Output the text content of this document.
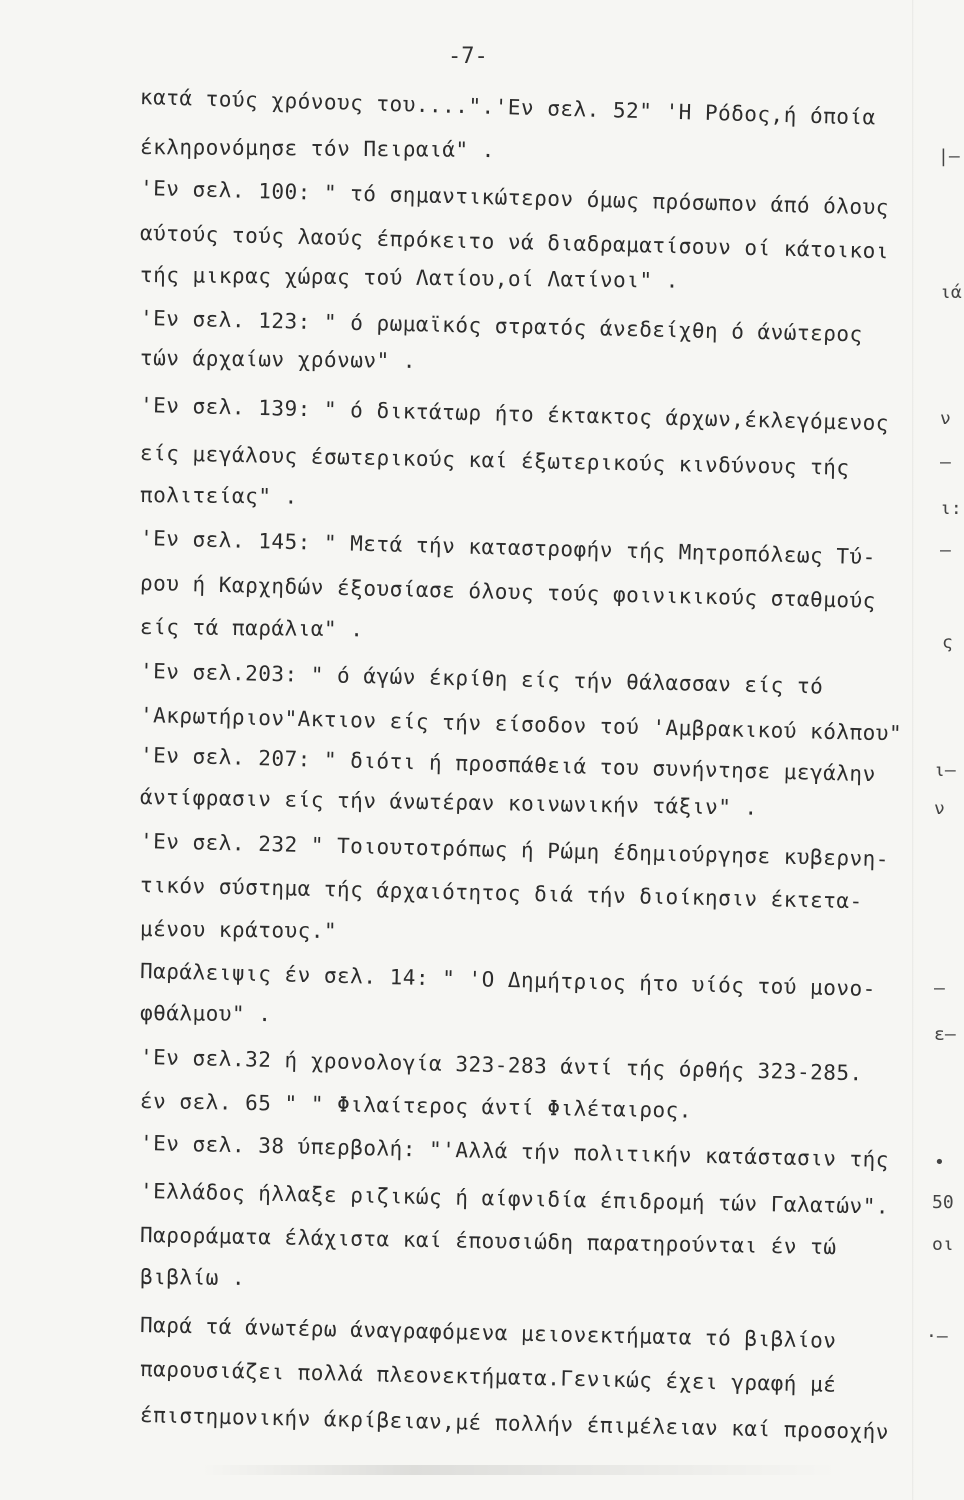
-7-
κατά τούς χρόνους του....".'Εν σελ. 52" 'Η Ρόδος,ή όποία
έκληρονόμησε τόν Πειραιά" .
'Εν σελ. 100: " τό σημαντικώτερον όμως πρόσωπον άπό όλους
αύτούς τούς λαούς έπρόκειτο νά διαδραματίσουν οί κάτοικοι
τής μικρας χώρας τού Λατίου,οί Λατίνοι" .
'Εν σελ. 123: " ό ρωμαϊκός στρατός άνεδείχθη ό άνώτερος
τών άρχαίων χρόνων" .
'Εν σελ. 139: " ό δικτάτωρ ήτο έκτακτος άρχων,έκλεγόμενος
είς μεγάλους έσωτερικούς καί έξωτερικούς κινδύνους τής
πολιτείας" .
'Εν σελ. 145: " Μετά τήν καταστροφήν τής Μητροπόλεως Τύ-
ρου ή Καρχηδών έξουσίασε όλους τούς φοινικικούς σταθμούς
είς τά παράλια" .
'Εν σελ.203: " ό άγών έκρίθη είς τήν θάλασσαν είς τό
'Ακρωτήριον"Ακτιον είς τήν είσοδον τού 'Αμβρακικού κόλπου"
'Εν σελ. 207: " διότι ή προσπάθειά του συνήντησε μεγάλην
άντίφρασιν είς τήν άνωτέραν κοινωνικήν τάξιν" .
'Εν σελ. 232 " Τοιουτοτρόπως ή Ρώμη έδημιούργησε κυβερνη-
τικόν σύστημα τής άρχαιότητος διά τήν διοίκησιν έκτετα-
μένου κράτους."
Παράλειψις έν σελ. 14: " 'Ο Δημήτριος ήτο υίός τού μονο-
φθάλμου" .
'Εν σελ.32 ή χρονολογία 323-283 άντί τής όρθής 323-285.
έν σελ. 65 " " Φιλαίτερος άντί Φιλέταιρος.
'Εν σελ. 38 ύπερβολή: "'Αλλά τήν πολιτικήν κατάστασιν τής
'Ελλάδος ήλλαξε ριζικώς ή αίφνιδία έπιδρομή τών Γαλατών".
Παροράματα έλάχιστα καί έπουσιώδη παρατηρούνται έν τώ
βιβλίω .
Παρά τά άνωτέρω άναγραφόμενα μειονεκτήματα τό βιβλίον
παρουσιάζει πολλά πλεονεκτήματα.Γενικώς έχει γραφή μέ
έπιστημονικήν άκρίβειαν,μέ πολλήν έπιμέλειαν καί προσοχήν
|–
ιά
ν
–
ι:
–
ς
ι–
ν
–
ε–
•
50
οι
·–
